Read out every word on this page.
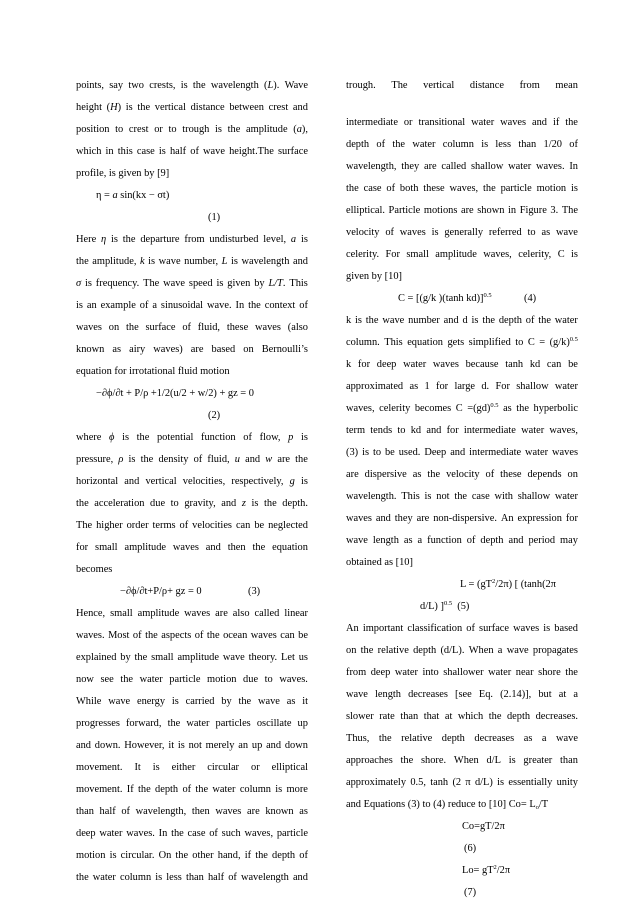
points, say two crests, is the wavelength (L). Wave
height (H) is the vertical distance between crest and
position to crest or to trough is the amplitude (a),
which in this case is half of wave height.The surface
profile, is given by [9]
η = a sin(kx − σt)
(1)
Here η is the departure from undisturbed level, a is
the amplitude, k is wave number, L is wavelength and
σ is frequency. The wave speed is given by L/T. This
is an example of a sinusoidal wave. In the context of
waves on the surface of fluid, these waves (also
known as airy waves) are based on Bernoulli’s
equation for irrotational fluid motion
−∂ϕ/∂t + P/ρ +1/2(u/2 + w/2) + gz = 0
(2)
where ϕ is the potential function of flow, p is
pressure, ρ is the density of fluid, u and w are the
horizontal and vertical velocities, respectively, g is
the acceleration due to gravity, and z is the depth.
The higher order terms of velocities can be neglected
for small amplitude waves and then the equation
becomes
−∂ϕ/∂t+P/ρ+ gz = 0	(3)
Hence, small amplitude waves are also called linear
waves. Most of the aspects of the ocean waves can be
explained by the small amplitude wave theory. Let us
now see the water particle motion due to waves.
While wave energy is carried by the wave as it
progresses forward, the water particles oscillate up
and down. However, it is not merely an up and down
movement. It is either circular or elliptical
movement. If the depth of the water column is more
than half of wavelength, then waves are known as
deep water waves. In the case of such waves, particle
motion is circular. On the other hand, if the depth of
the water column is less than half of wavelength and
trough. The vertical distance from mean
intermediate or transitional water waves and if the
depth of the water column is less than 1/20 of
wavelength, they are called shallow water waves. In
the case of both these waves, the particle motion is
elliptical. Particle motions are shown in Figure 3. The
velocity of waves is generally referred to as wave
celerity. For small amplitude waves, celerity, C is
given by [10]
C = [(g/k )(tanh kd)]$^{0.5}$	(4)
k is the wave number and d is the depth of the water
column. This equation gets simplified to $C = (g/k)^{0.5}$
k for deep water waves because tanh kd can be
approximated as 1 for large d. For shallow water
waves, celerity becomes C =(gd)$^{0.5}$ as the hyperbolic
term tends to kd and for intermediate water waves,
(3) is to be used. Deep and intermediate water waves
are dispersive as the velocity of these depends on
wavelength. This is not the case with shallow water
waves and they are non-dispersive. An expression for
wave length as a function of depth and period may
obtained as [10]
$L = (gT^2/2\pi)$ [ (tanh(2π
d/L) ]$^{0.5}$  (5)
An important classification of surface waves is based
on the relative depth (d/L). When a wave propagates
from deep water into shallower water near shore the
wave length decreases [see Eq. (2.14)], but at a
slower rate than that at which the depth decreases.
Thus, the relative depth decreases as a wave
approaches the shore. When d/L is greater than
approximately 0.5, tanh (2 π d/L) is essentially unity
and Equations (3) to (4) reduce to [10] $Co= L_o/T$
Co=gT/2π
(6)
$Lo= gT^2/2\pi$
(7)
